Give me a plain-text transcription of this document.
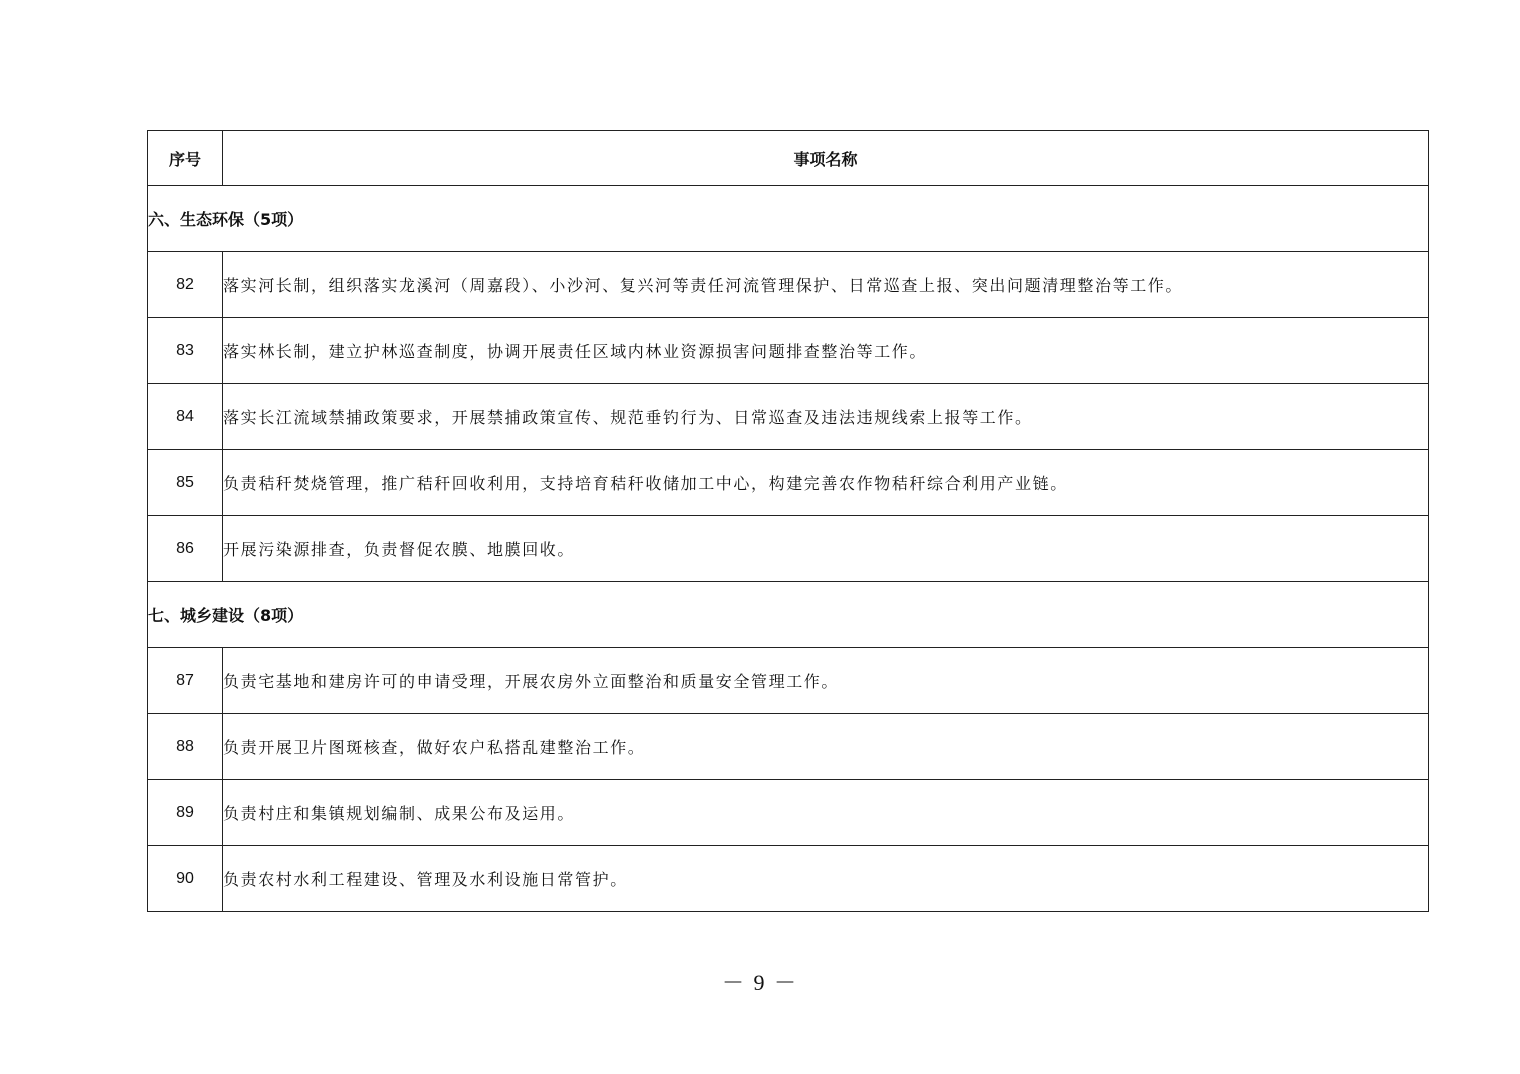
序号	事项名称
六、生态环保（5项）	
82	落实河长制，组织落实龙溪河（周嘉段）、小沙河、复兴河等责任河流管理保护、日常巡查上报、突出问题清理整治等工作。
83	落实林长制，建立护林巡查制度，协调开展责任区域内林业资源损害问题排查整治等工作。
84	落实长江流域禁捕政策要求，开展禁捕政策宣传、规范垂钓行为、日常巡查及违法违规线索上报等工作。
85	负责秸秆焚烧管理，推广秸秆回收利用，支持培育秸秆收储加工中心，构建完善农作物秸秆综合利用产业链。
86	开展污染源排查，负责督促农膜、地膜回收。
七、城乡建设（8项）	
87	负责宅基地和建房许可的申请受理，开展农房外立面整治和质量安全管理工作。
88	负责开展卫片图斑核查，做好农户私搭乱建整治工作。
89	负责村庄和集镇规划编制、成果公布及运用。
90	负责农村水利工程建设、管理及水利设施日常管护。
－ 9 －
